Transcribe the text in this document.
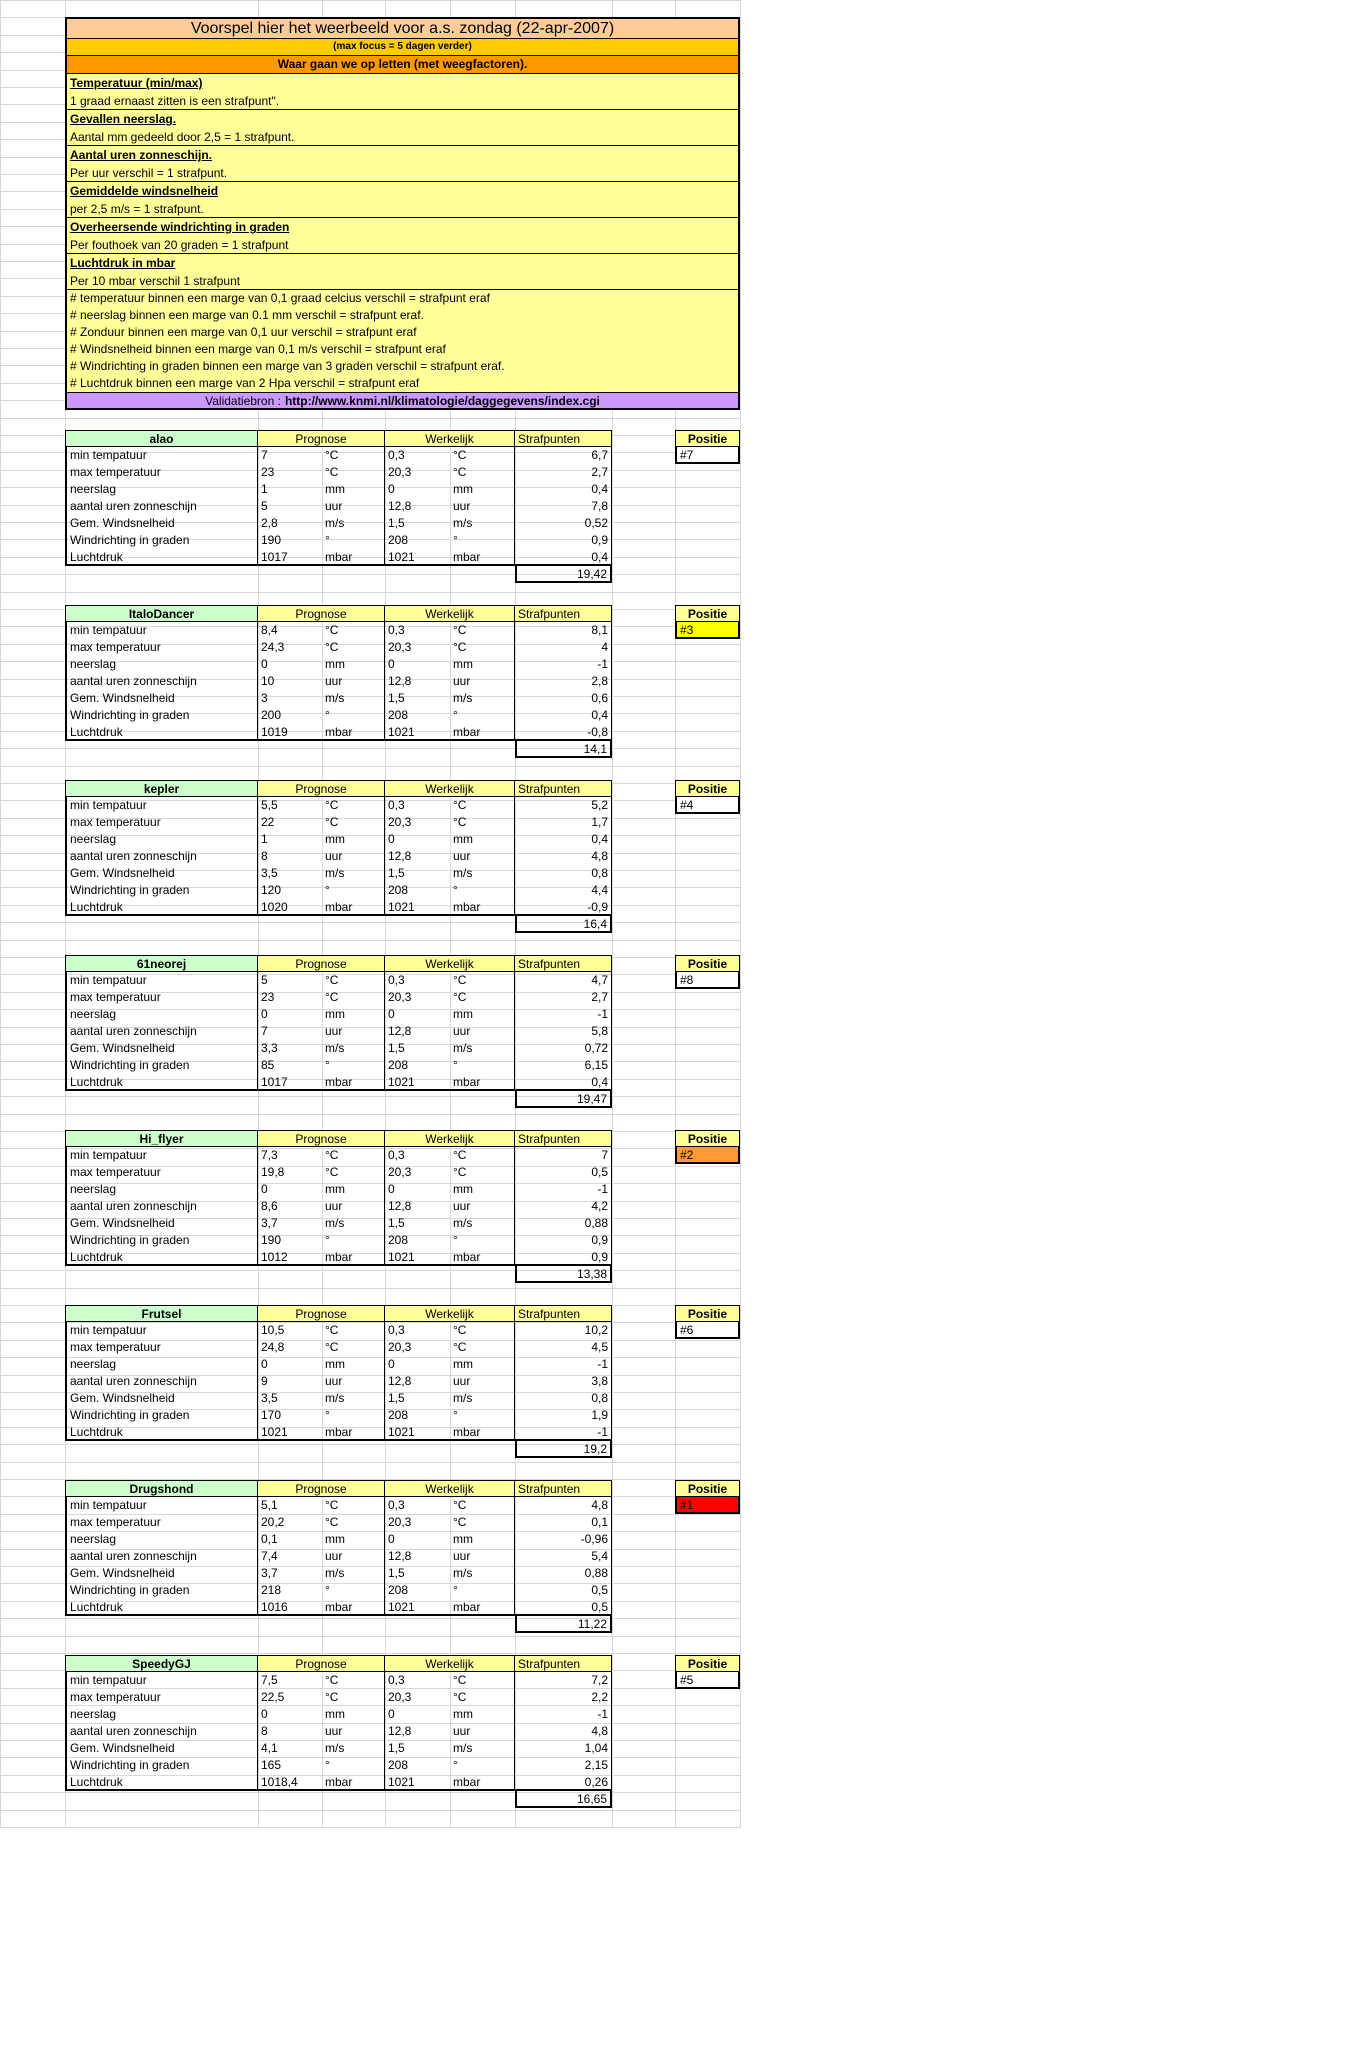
Voorspel hier het weerbeeld voor a.s. zondag (22-apr-2007)
(max focus = 5 dagen verder)
Waar gaan we op letten (met weegfactoren).
Temperatuur (min/max)
1 graad ernaast zitten is een strafpunt".
Gevallen neerslag.
Aantal mm gedeeld door 2,5 = 1 strafpunt.
Aantal uren zonneschijn.
Per uur verschil = 1 strafpunt.
Gemiddelde windsnelheid
per 2,5 m/s = 1 strafpunt.
Overheersende windrichting in graden
Per fouthoek van 20 graden = 1 strafpunt
Luchtdruk in mbar
Per 10 mbar verschil 1 strafpunt
# temperatuur binnen een marge van 0,1 graad celcius verschil = strafpunt eraf
# neerslag binnen een marge van 0.1 mm verschil = strafpunt eraf.
# Zonduur binnen een marge van 0,1 uur verschil = strafpunt eraf
# Windsnelheid binnen een marge van 0,1 m/s verschil = strafpunt eraf
# Windrichting in graden binnen een marge van 3 graden verschil = strafpunt eraf.
# Luchtdruk binnen een marge van 2 Hpa verschil = strafpunt eraf
Validatiebron : http://www.knmi.nl/klimatologie/daggegevens/index.cgi
alao	Prognose	Werkelijk	Strafpunten	Positie
min tempatuur	7	°C	0,3	°C	6,7	#7
max temperatuur	23	°C	20,3	°C	2,7
neerslag	1	mm	0	mm	0,4
aantal uren zonneschijn	5	uur	12,8	uur	7,8
Gem. Windsnelheid	2,8	m/s	1,5	m/s	0,52
Windrichting in graden	190	°	208	°	0,9
Luchtdruk	1017	mbar	1021	mbar	0,4
19,42
ItaloDancer	Prognose	Werkelijk	Strafpunten	Positie
min tempatuur	8,4	°C	0,3	°C	8,1	#3
max temperatuur	24,3	°C	20,3	°C	4
neerslag	0	mm	0	mm	-1
aantal uren zonneschijn	10	uur	12,8	uur	2,8
Gem. Windsnelheid	3	m/s	1,5	m/s	0,6
Windrichting in graden	200	°	208	°	0,4
Luchtdruk	1019	mbar	1021	mbar	-0,8
14,1
kepler	Prognose	Werkelijk	Strafpunten	Positie
min tempatuur	5,5	°C	0,3	°C	5,2	#4
max temperatuur	22	°C	20,3	°C	1,7
neerslag	1	mm	0	mm	0,4
aantal uren zonneschijn	8	uur	12,8	uur	4,8
Gem. Windsnelheid	3,5	m/s	1,5	m/s	0,8
Windrichting in graden	120	°	208	°	4,4
Luchtdruk	1020	mbar	1021	mbar	-0,9
16,4
61neorej	Prognose	Werkelijk	Strafpunten	Positie
min tempatuur	5	°C	0,3	°C	4,7	#8
max temperatuur	23	°C	20,3	°C	2,7
neerslag	0	mm	0	mm	-1
aantal uren zonneschijn	7	uur	12,8	uur	5,8
Gem. Windsnelheid	3,3	m/s	1,5	m/s	0,72
Windrichting in graden	85	°	208	°	6,15
Luchtdruk	1017	mbar	1021	mbar	0,4
19,47
Hi_flyer	Prognose	Werkelijk	Strafpunten	Positie
min tempatuur	7,3	°C	0,3	°C	7	#2
max temperatuur	19,8	°C	20,3	°C	0,5
neerslag	0	mm	0	mm	-1
aantal uren zonneschijn	8,6	uur	12,8	uur	4,2
Gem. Windsnelheid	3,7	m/s	1,5	m/s	0,88
Windrichting in graden	190	°	208	°	0,9
Luchtdruk	1012	mbar	1021	mbar	0,9
13,38
Frutsel	Prognose	Werkelijk	Strafpunten	Positie
min tempatuur	10,5	°C	0,3	°C	10,2	#6
max temperatuur	24,8	°C	20,3	°C	4,5
neerslag	0	mm	0	mm	-1
aantal uren zonneschijn	9	uur	12,8	uur	3,8
Gem. Windsnelheid	3,5	m/s	1,5	m/s	0,8
Windrichting in graden	170	°	208	°	1,9
Luchtdruk	1021	mbar	1021	mbar	-1
19,2
Drugshond	Prognose	Werkelijk	Strafpunten	Positie
min tempatuur	5,1	°C	0,3	°C	4,8	#1
max temperatuur	20,2	°C	20,3	°C	0,1
neerslag	0,1	mm	0	mm	-0,96
aantal uren zonneschijn	7,4	uur	12,8	uur	5,4
Gem. Windsnelheid	3,7	m/s	1,5	m/s	0,88
Windrichting in graden	218	°	208	°	0,5
Luchtdruk	1016	mbar	1021	mbar	0,5
11,22
SpeedyGJ	Prognose	Werkelijk	Strafpunten	Positie
min tempatuur	7,5	°C	0,3	°C	7,2	#5
max temperatuur	22,5	°C	20,3	°C	2,2
neerslag	0	mm	0	mm	-1
aantal uren zonneschijn	8	uur	12,8	uur	4,8
Gem. Windsnelheid	4,1	m/s	1,5	m/s	1,04
Windrichting in graden	165	°	208	°	2,15
Luchtdruk	1018,4	mbar	1021	mbar	0,26
16,65
